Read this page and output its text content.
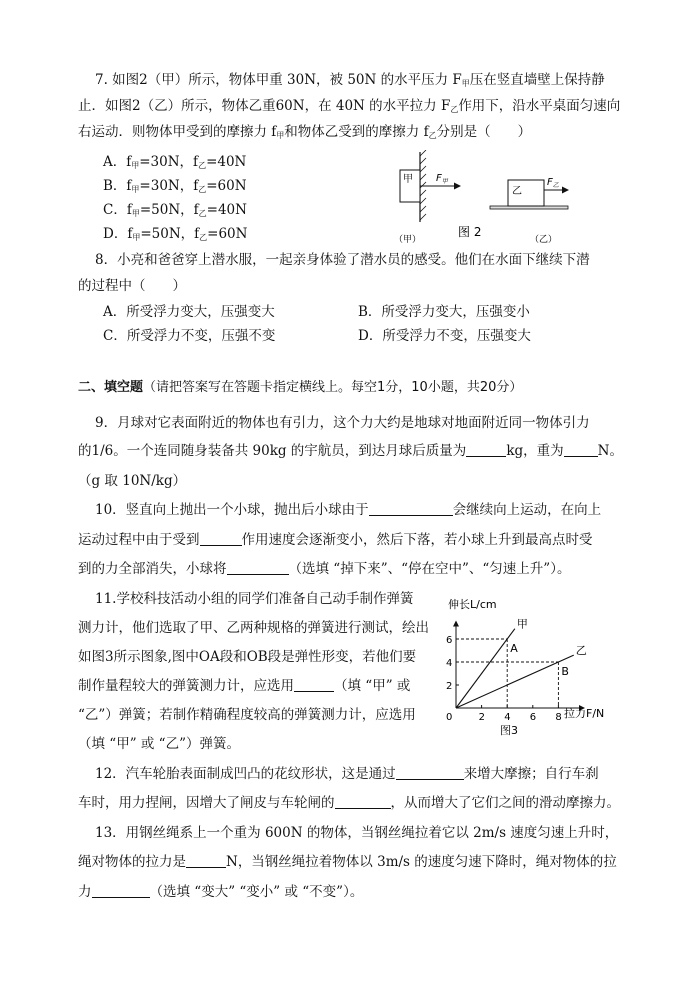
7. 如图2（甲）所示，物体甲重 30N，被 50N 的水平压力 $F_甲$压在竖直墙壁上保持静
止．如图2（乙）所示，物体乙重60N，在 40N 的水平拉力 $F_乙$作用下，沿水平桌面匀速向
右运动．则物体甲受到的摩擦力 $f_甲$和物体乙受到的摩擦力 $f_乙$分别是（　　）
A．$f_甲=30N$，$f_乙=40N$
B．$f_甲=30N$，$f_乙=60N$
C．$f_甲=50N$，$f_乙=40N$
D．$f_甲=50N$，$f_乙=60N$
甲 $F_甲$
乙
$F_乙$
图 2
（甲）	（乙）
8．小亮和爸爸穿上潜水服，一起亲身体验了潜水员的感受。他们在水面下继续下潜
的过程中（　　）
A．所受浮力变大，压强变大	B．所受浮力变大，压强变小
C．所受浮力不变，压强不变	D．所受浮力不变，压强变大
二、填空题（请把答案写在答题卡指定横线上。每空1分，10小题，共20分）
9．月球对它表面附近的物体也有引力，这个力大约是地球对地面附近同一物体引力
的1/6。一个连同随身装备共 90kg 的宇航员，到达月球后质量为	kg，重为	N。
（g 取 10N/kg）
10．竖直向上抛出一个小球，抛出后小球由于	会继续向上运动，在向上
运动过程中由于受到	作用速度会逐渐变小，然后下落，若小球上升到最高点时受
到的力全部消失，小球将	（选填 “掉下来”、“停在空中”、“匀速上升”）。
11.学校科技活动小组的同学们准备自己动手制作弹簧
测力计，他们选取了甲、乙两种规格的弹簧进行测试，绘出
如图3所示图象,图中OA段和OB段是弹性形变，若他们要
制作量程较大的弹簧测力计，应选用	（填 “甲” 或
“乙”）弹簧；若制作精确程度较高的弹簧测力计，应选用
（填 “甲” 或 “乙”）弹簧。
0	2 4 6 8
2
4
6
甲
A	乙
B
伸长L/cm
拉力F/N
图3
12．汽车轮胎表面制成凹凸的花纹形状，这是通过	来增大摩擦；自行车刹
车时，用力捏闸，因增大了闸皮与车轮闸的	，从而增大了它们之间的滑动摩擦力。
13．用钢丝绳系上一个重为 600N 的物体，当钢丝绳拉着它以 2m/s 速度匀速上升时，
绳对物体的拉力是	N，当钢丝绳拉着物体以 3m/s 的速度匀速下降时，绳对物体的拉
力	（选填 “变大” “变小” 或 “不变”）。
